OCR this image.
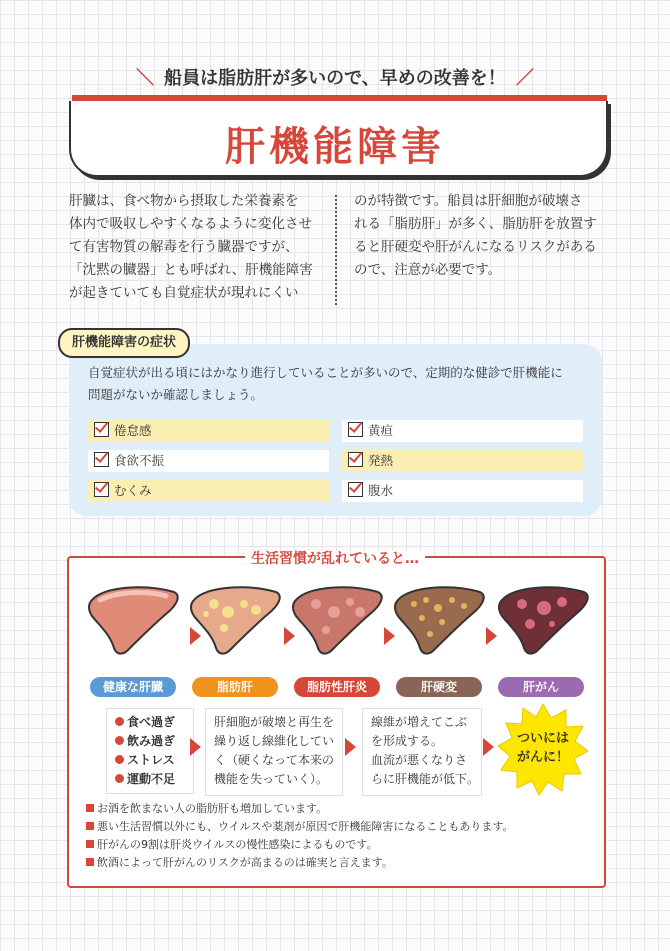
＼ 船員は脂肪肝が多いので、早めの改善を！ ／
肝機能障害
肝臓は、食べ物から摂取した栄養素を
体内で吸収しやすくなるように変化させ
て有害物質の解毒を行う臓器ですが、
「沈黙の臓器」とも呼ばれ、肝機能障害
が起きていても自覚症状が現れにくい
のが特徴です。船員は肝細胞が破壊さ
れる「脂肪肝」が多く、脂肪肝を放置す
ると肝硬変や肝がんになるリスクがある
ので、注意が必要です。
肝機能障害の症状
自覚症状が出る頃にはかなり進行していることが多いので、定期的な健診で肝機能に
問題がないか確認しましょう。
倦怠感
食欲不振
むくみ
黄疸
発熱
腹水
生活習慣が乱れていると…
健康な肝臓	脂肪肝	脂肪性肝炎	肝硬変	肝がん
食べ過ぎ
飲み過ぎ
ストレス
運動不足
肝細胞が破壊と再生を
繰り返し線維化してい
く（硬くなって本来の
機能を失っていく）。
線維が増えてこぶ
を形成する。
血流が悪くなりさ
らに肝機能が低下。
ついには
がんに！
お酒を飲まない人の脂肪肝も増加しています。
悪い生活習慣以外にも、ウイルスや薬剤が原因で肝機能障害になることもあります。
肝がんの9割は肝炎ウイルスの慢性感染によるものです。
飲酒によって肝がんのリスクが高まるのは確実と言えます。
